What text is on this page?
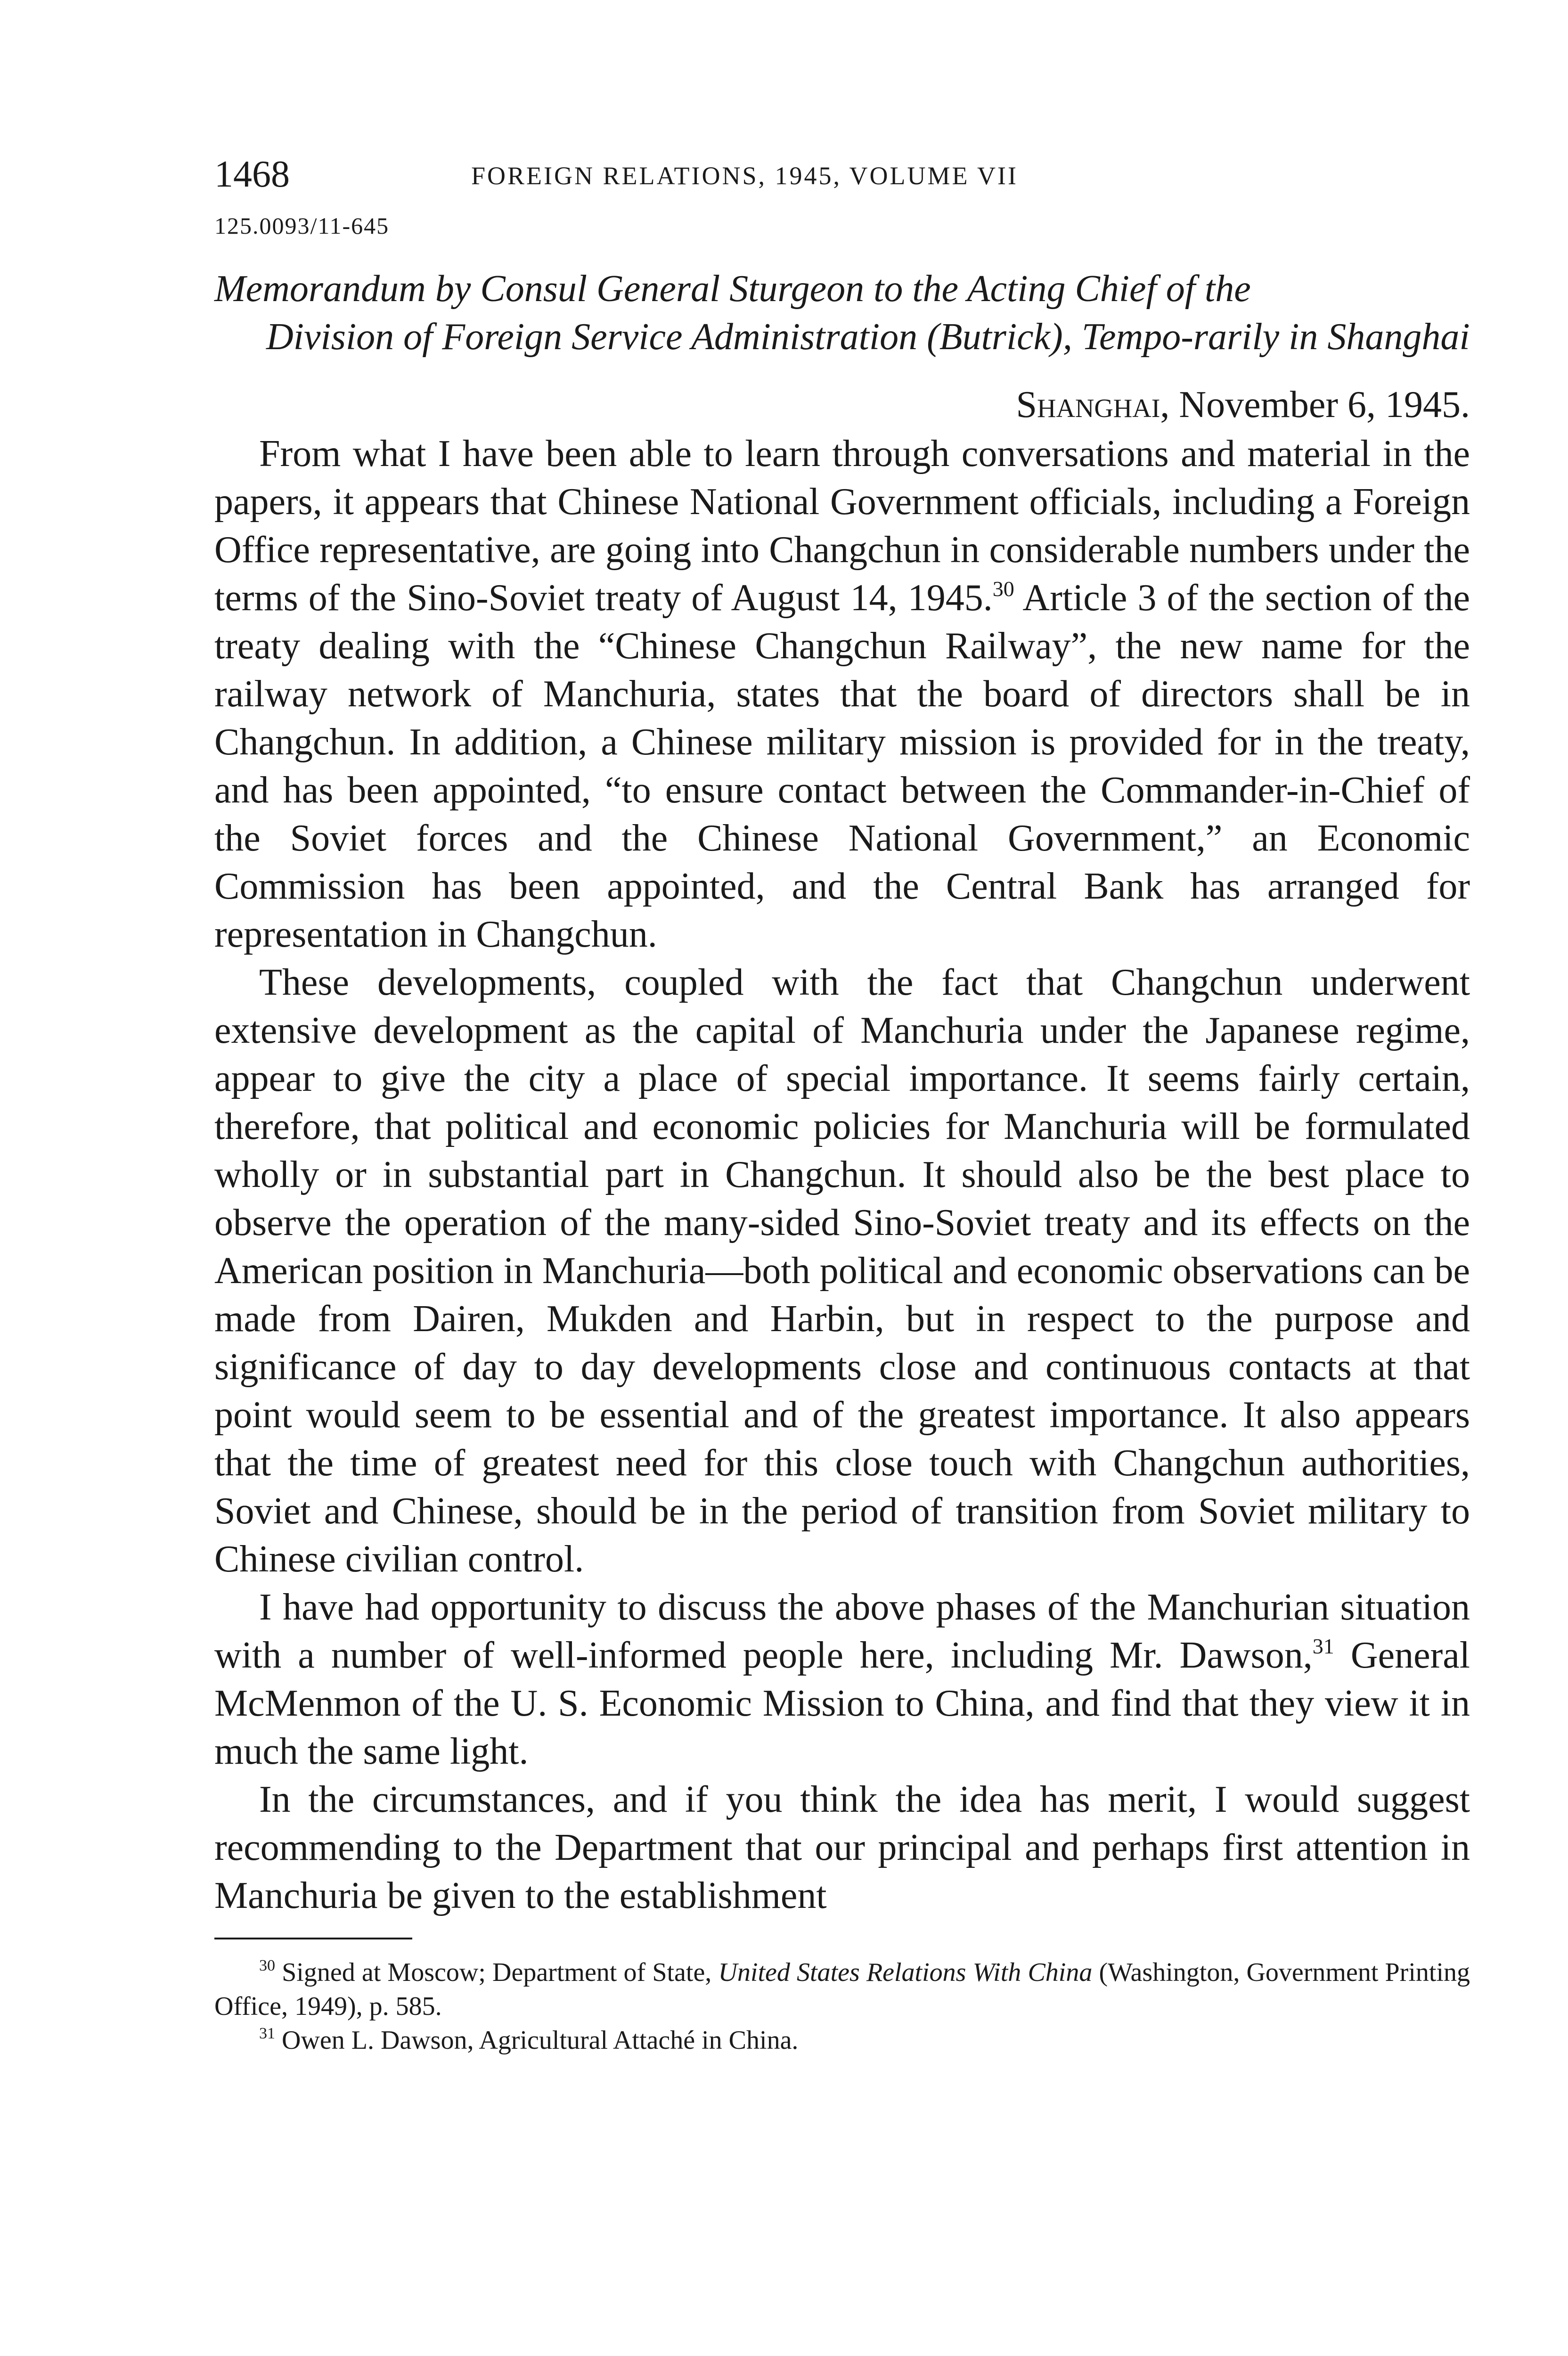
1468	FOREIGN RELATIONS, 1945, VOLUME VII
125.0093/11-645
Memorandum by Consul General Sturgeon to the Acting Chief of the
Division of Foreign Service Administration (Butrick), Tempo-rarily in Shanghai
Shanghai, November 6, 1945.

From what I have been able to learn through conversations and material in the papers, it appears that Chinese National Government officials, including a Foreign Office representative, are going into Changchun in considerable numbers under the terms of the Sino-Soviet treaty of August 14, 1945.30 Article 3 of the section of the treaty dealing with the “Chinese Changchun Railway”, the new name for the railway network of Manchuria, states that the board of directors shall be in Changchun. In addition, a Chinese military mission is provided for in the treaty, and has been appointed, “to ensure contact between the Commander-in-Chief of the Soviet forces and the Chinese National Government,” an Economic Commission has been appointed, and the Central Bank has arranged for representation in Changchun.

These developments, coupled with the fact that Changchun underwent extensive development as the capital of Manchuria under the Japanese regime, appear to give the city a place of special importance. It seems fairly certain, therefore, that political and economic policies for Manchuria will be formulated wholly or in substantial part in Changchun. It should also be the best place to observe the operation of the many-sided Sino-Soviet treaty and its effects on the American position in Manchuria—both political and economic observations can be made from Dairen, Mukden and Harbin, but in respect to the purpose and significance of day to day developments close and continuous contacts at that point would seem to be essential and of the greatest importance. It also appears that the time of greatest need for this close touch with Changchun authorities, Soviet and Chinese, should be in the period of transition from Soviet military to Chinese civilian control.

I have had opportunity to discuss the above phases of the Manchurian situation with a number of well-informed people here, including Mr. Dawson,$^{31}$ General McMenmon of the U. S. Economic Mission to China, and find that they view it in much the same light.

In the circumstances, and if you think the idea has merit, I would suggest recommending to the Department that our principal and perhaps first attention in Manchuria be given to the establishment

$^{30}$ Signed at Moscow; Department of State, United States Relations With China (Washington, Government Printing Office, 1949), p. 585.
$^{31}$ Owen L. Dawson, Agricultural Attaché in China.
